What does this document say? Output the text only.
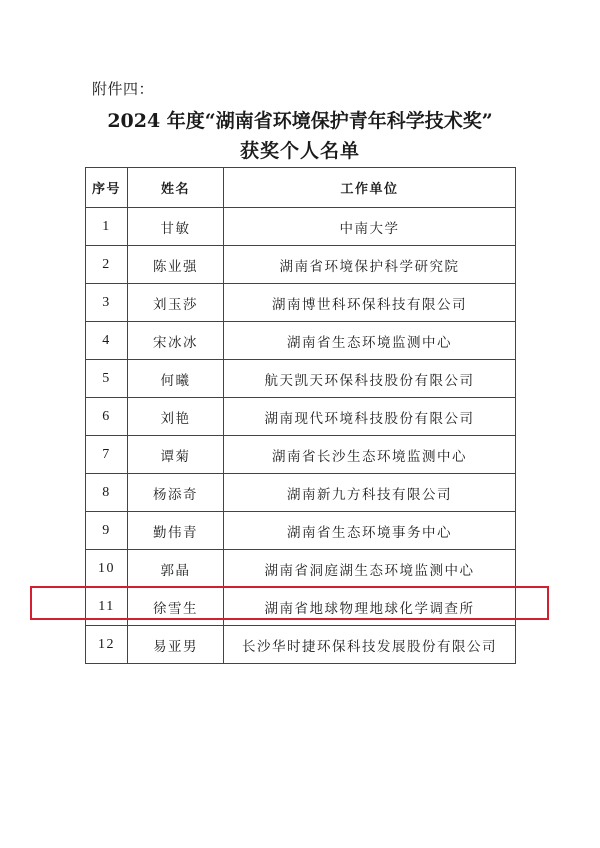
附件四：
2024 年度“湖南省环境保护青年科学技术奖”
获奖个人名单
序号	姓名	工作单位
1	甘敏	中南大学
2	陈业强	湖南省环境保护科学研究院
3	刘玉莎	湖南博世科环保科技有限公司
4	宋冰冰	湖南省生态环境监测中心
5	何曦	航天凯天环保科技股份有限公司
6	刘艳	湖南现代环境科技股份有限公司
7	谭菊	湖南省长沙生态环境监测中心
8	杨添奇	湖南新九方科技有限公司
9	勤伟青	湖南省生态环境事务中心
10	郭晶	湖南省洞庭湖生态环境监测中心
11	徐雪生	湖南省地球物理地球化学调查所
12	易亚男	长沙华时捷环保科技发展股份有限公司
